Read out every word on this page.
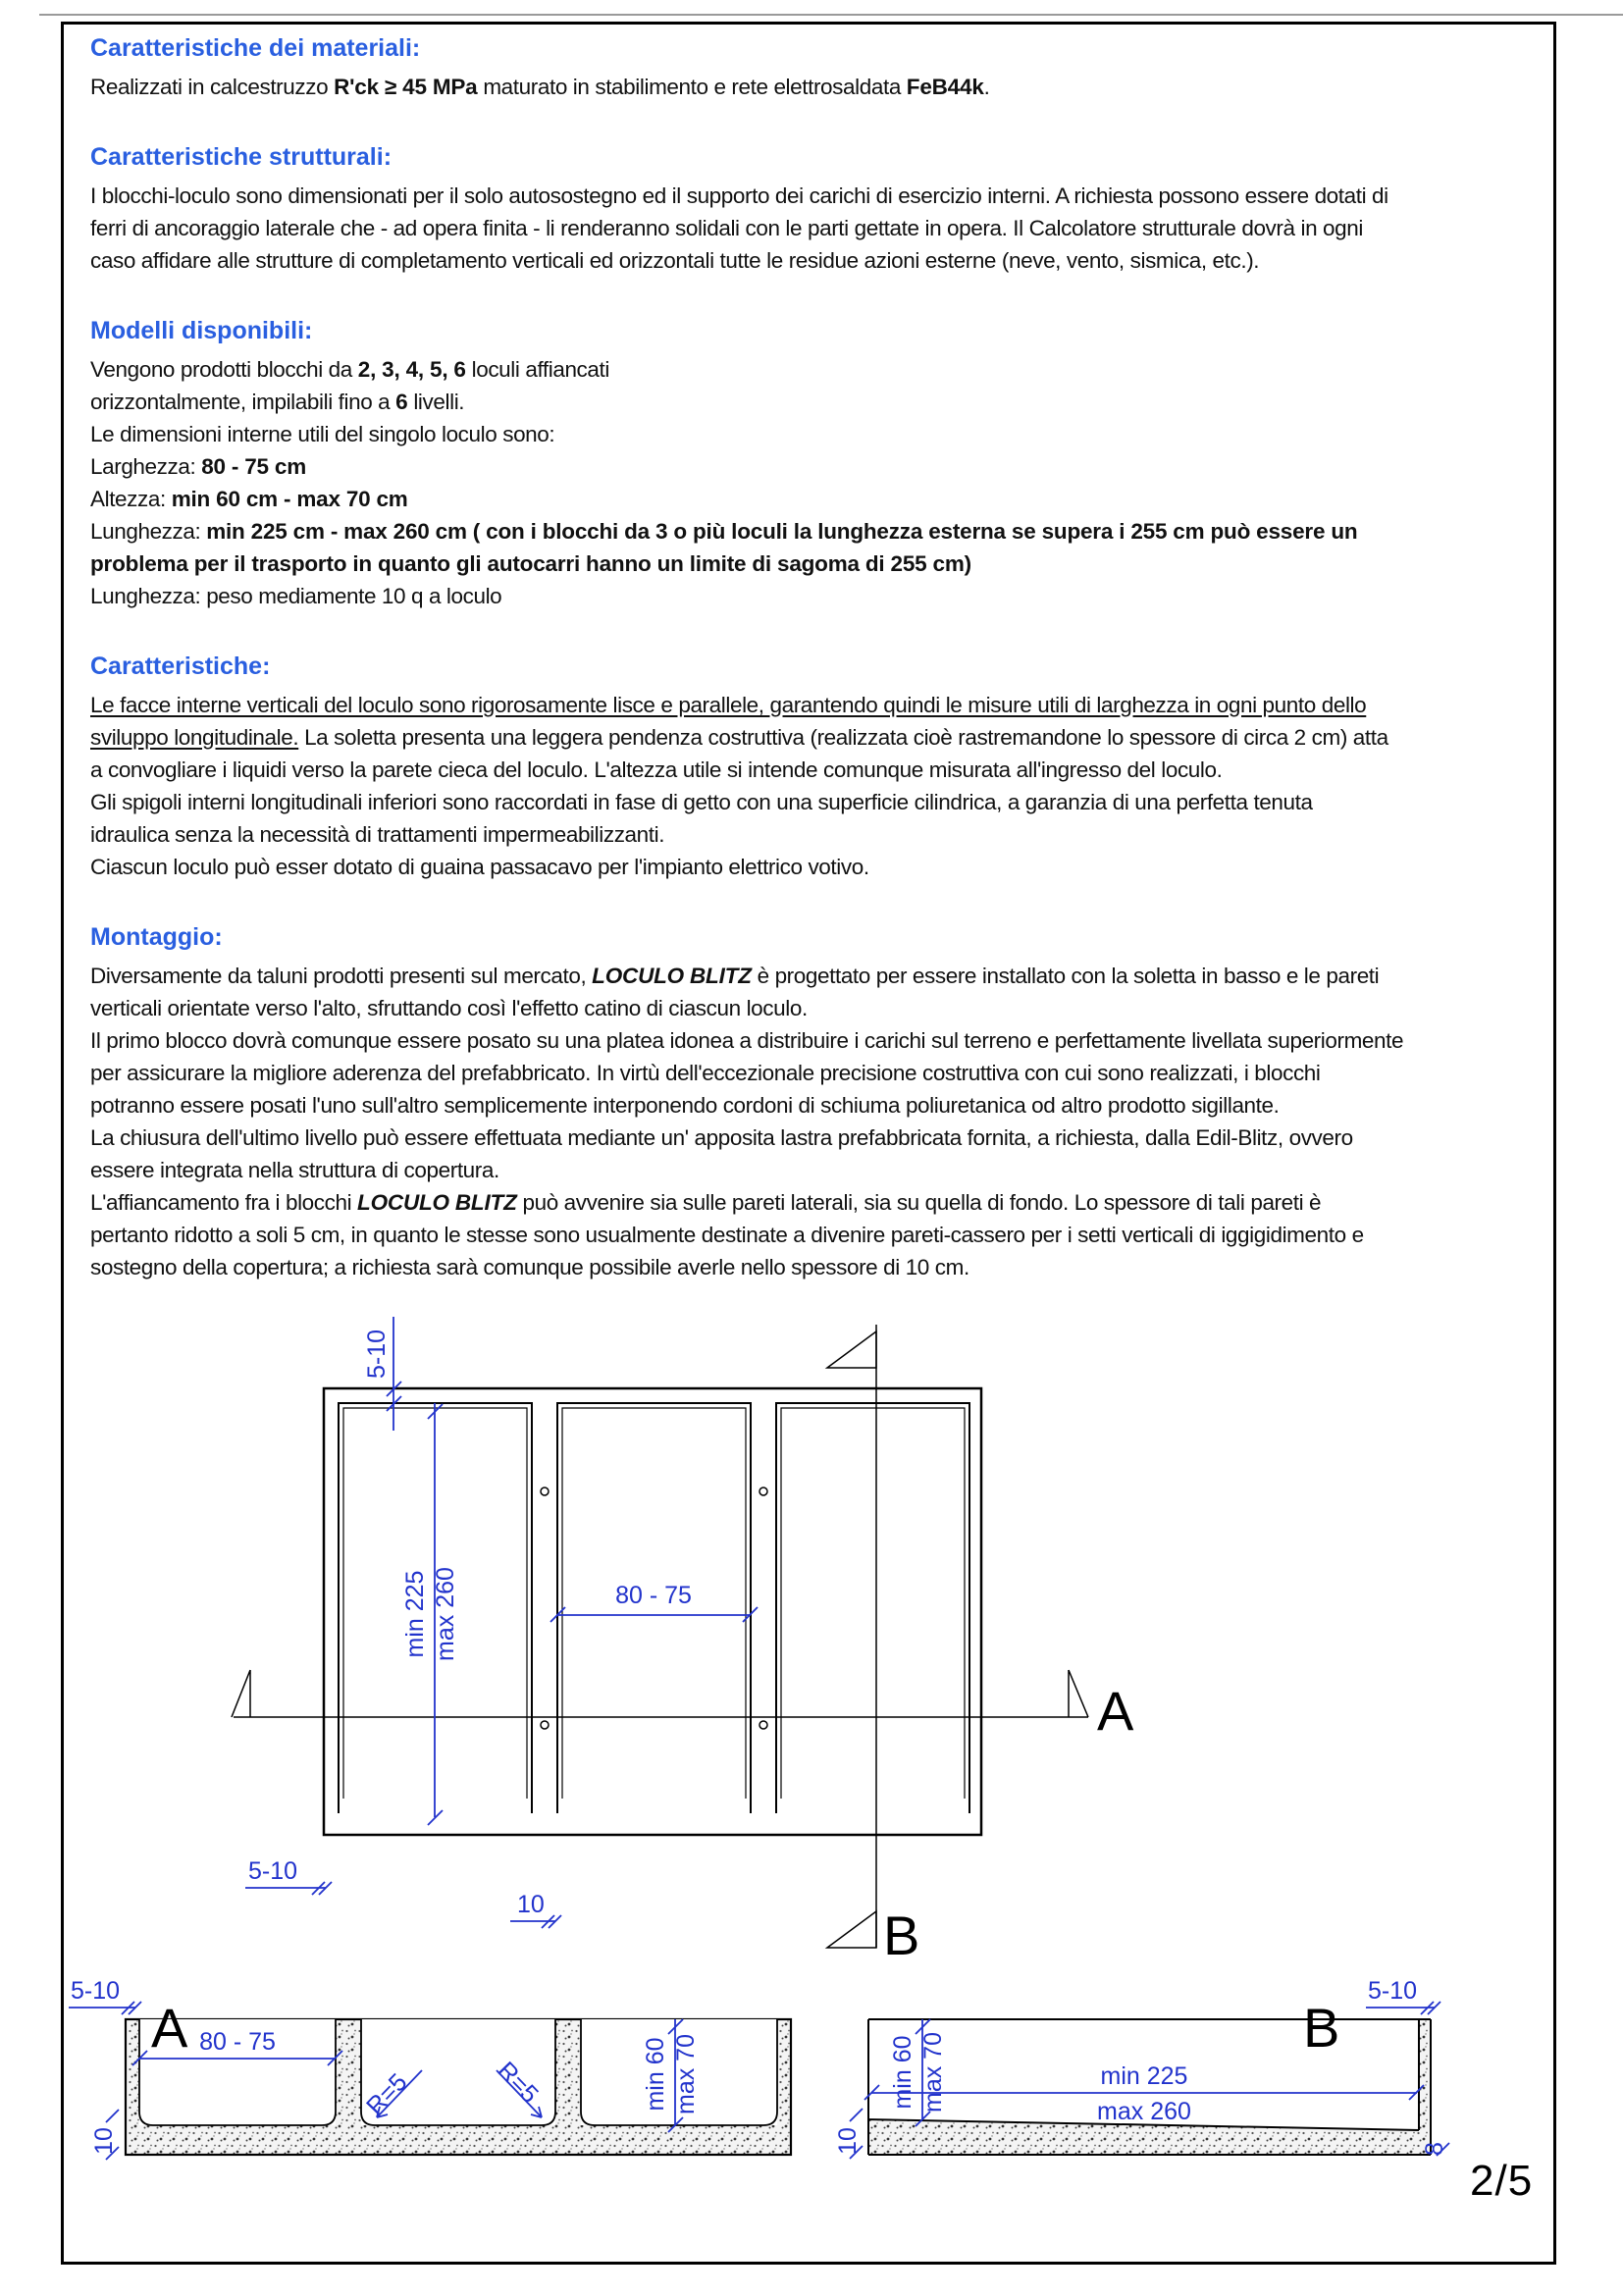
Caratteristiche dei materiali:
Realizzati in calcestruzzo R'ck ≥ 45 MPa maturato in stabilimento e rete elettrosaldata FeB44k.
Caratteristiche strutturali:
I blocchi-loculo sono dimensionati per il solo autosostegno ed il supporto dei carichi di esercizio interni. A richiesta possono essere dotati di
ferri di ancoraggio laterale che - ad opera finita - li renderanno solidali con le parti gettate in opera. Il Calcolatore strutturale dovrà in ogni
caso affidare alle strutture di completamento verticali ed orizzontali tutte le residue azioni esterne (neve, vento, sismica, etc.).
Modelli disponibili:
Vengono prodotti blocchi da 2, 3, 4, 5, 6 loculi affiancati
orizzontalmente, impilabili fino a 6 livelli.
Le dimensioni interne utili del singolo loculo sono:
Larghezza: 80 - 75 cm
Altezza: min 60 cm - max 70 cm
Lunghezza: min 225 cm - max 260 cm ( con i blocchi da 3 o più loculi la lunghezza esterna se supera i 255 cm può essere un
problema per il trasporto in quanto gli autocarri hanno un limite di sagoma di 255 cm)
Lunghezza: peso mediamente 10 q a loculo
Caratteristiche:
Le facce interne verticali del loculo sono rigorosamente lisce e parallele, garantendo quindi le misure utili di larghezza in ogni punto dello
sviluppo longitudinale. La soletta presenta una leggera pendenza costruttiva (realizzata cioè rastremandone lo spessore di circa 2 cm) atta
a convogliare i liquidi verso la parete cieca del loculo. L'altezza utile si intende comunque misurata all'ingresso del loculo.
Gli spigoli interni longitudinali inferiori sono raccordati in fase di getto con una superficie cilindrica, a garanzia di una perfetta tenuta
idraulica senza la necessità di trattamenti impermeabilizzanti.
Ciascun loculo può esser dotato di guaina passacavo per l'impianto elettrico votivo.
Montaggio:
Diversamente da taluni prodotti presenti sul mercato, LOCULO BLITZ è progettato per essere installato con la soletta in basso e le pareti
verticali orientate verso l'alto, sfruttando così l'effetto catino di ciascun loculo.
Il primo blocco dovrà comunque essere posato su una platea idonea a distribuire i carichi sul terreno e perfettamente livellata superiormente
per assicurare la migliore aderenza del prefabbricato. In virtù dell'eccezionale precisione costruttiva con cui sono realizzati, i blocchi
potranno essere posati l'uno sull'altro semplicemente interponendo cordoni di schiuma poliuretanica od altro prodotto sigillante.
La chiusura dell'ultimo livello può essere effettuata mediante un' apposita lastra prefabbricata fornita, a richiesta, dalla Edil-Blitz, ovvero
essere integrata nella struttura di copertura.
L'affiancamento fra i blocchi LOCULO BLITZ può avvenire sia sulle pareti laterali, sia su quella di fondo. Lo spessore di tali pareti è
pertanto ridotto a soli 5 cm, in quanto le stesse sono usualmente destinate a divenire pareti-cassero per i setti verticali di iggigidimento e
sostegno della copertura; a richiesta sarà comunque possibile averle nello spessore di 10 cm.
A
B
5-10
min 225 max 260	80 - 75
5-10
10
5-10
A 80 - 75
R=5	R=5	min 60 max 70
10
B
5-10
min 60 max 70	min 225
max 260
10	8
2/5
